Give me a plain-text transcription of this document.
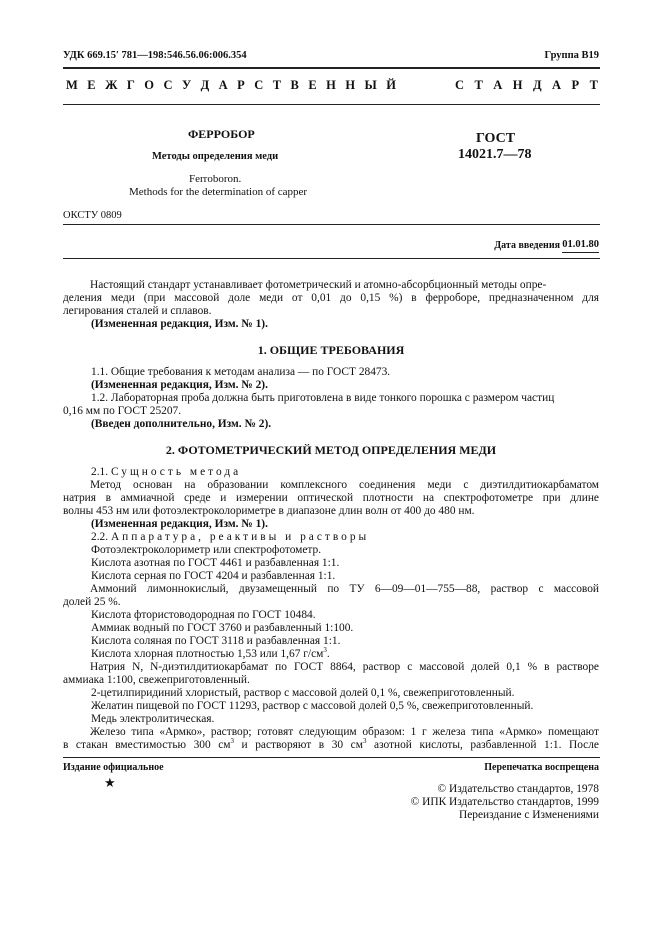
УДК 669.15′ 781—198:546.56.06:006.354	Группа В19
М Е Ж Г О С У Д А Р С Т В Е Н Н Ы Й	С Т А Н Д А Р Т
ФЕРРОБОР
Методы определения меди
Ferroboron.
Methods for the determination of capper
ГОСТ
14021.7—78
ОКСТУ 0809
Дата введения 01.01.80
Настоящий стандарт устанавливает фотометрический и атомно-абсорбционный методы опре-
деления меди (при массовой доле меди от 0,01 до 0,15 %) в ферроборе, предназначенном для
легирования сталей и сплавов.
(Измененная редакция, Изм. № 1).
1. ОБЩИЕ ТРЕБОВАНИЯ
1.1. Общие требования к методам анализа — по ГОСТ 28473.
(Измененная редакция, Изм. № 2).
1.2. Лабораторная проба должна быть приготовлена в виде тонкого порошка с размером частиц
0,16 мм по ГОСТ 25207.
(Введен дополнительно, Изм. № 2).
2. ФОТОМЕТРИЧЕСКИЙ МЕТОД ОПРЕДЕЛЕНИЯ МЕДИ
2.1. Сущность метода
Метод основан на образовании комплексного соединения меди с диэтилдитиокарбаматом
натрия в аммиачной среде и измерении оптической плотности на спектрофотометре при длине
волны 453 нм или фотоэлектроколориметре в диапазоне длин волн от 400 до 480 нм.
(Измененная редакция, Изм. № 1).
2.2. Аппаратура, реактивы и растворы
Фотоэлектроколориметр или спектрофотометр.
Кислота азотная по ГОСТ 4461 и разбавленная 1:1.
Кислота серная по ГОСТ 4204 и разбавленная 1:1.
Аммоний лимоннокислый, двузамещенный по ТУ 6—09—01—755—88, раствор с массовой
долей 25 %.
Кислота фтористоводородная по ГОСТ 10484.
Аммиак водный по ГОСТ 3760 и разбавленный 1:100.
Кислота соляная по ГОСТ 3118 и разбавленная 1:1.
Кислота хлорная плотностью 1,53 или 1,67 $г/см^3$.
Натрия N, N-диэтилдитиокарбамат по ГОСТ 8864, раствор с массовой долей 0,1 % в растворе
аммиака 1:100, свежеприготовленный.
2-цетилпиридиний хлористый, раствор с массовой долей 0,1 %, свежеприготовленный.
Желатин пищевой по ГОСТ 11293, раствор с массовой долей 0,5 %, свежеприготовленный.
Медь электролитическая.
Железо типа «Армко», раствор; готовят следующим образом: 1 г железа типа «Армко» помещают
в стакан вместимостью 300 $см^3$ и растворяют в 30 $см^3$ азотной кислоты, разбавленной 1:1. После
Издание официальное
★
Перепечатка воспрещена
© Издательство стандартов, 1978
© ИПК Издательство стандартов, 1999
Переиздание с Изменениями
